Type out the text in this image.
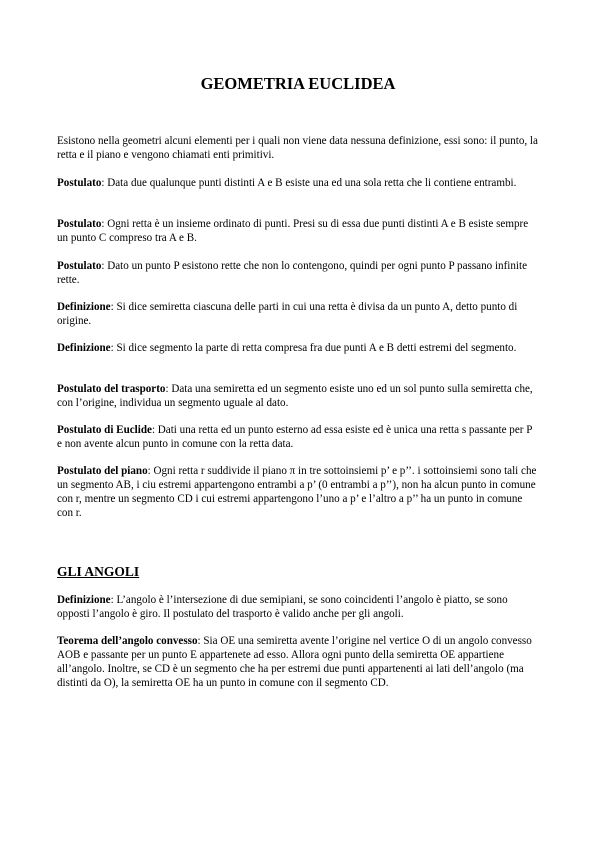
GEOMETRIA EUCLIDEA

Esistono nella geometri alcuni elementi per i quali non viene data nessuna definizione, essi sono: il punto, la retta e il piano e vengono chiamati enti primitivi.

Postulato: Data due qualunque punti distinti A e B esiste una ed una sola retta che li contiene entrambi.

Postulato: Ogni retta è un insieme ordinato di punti. Presi su di essa due punti distinti A e B esiste sempre un punto C compreso tra A e B.

Postulato: Dato un punto P esistono rette che non lo contengono, quindi per ogni punto P passano infinite rette.

Definizione: Si dice semiretta ciascuna delle parti in cui una retta è divisa da un punto A, detto punto di origine.

Definizione: Si dice segmento la parte di retta compresa fra due punti A e B detti estremi del segmento.

Postulato del trasporto: Data una semiretta ed un segmento esiste uno ed un sol punto sulla semiretta che, con l’origine, individua un segmento uguale al dato.

Postulato di Euclide: Dati una retta ed un punto esterno ad essa esiste ed è unica una retta s passante per P e non avente alcun punto in comune con la retta data.

Postulato del piano: Ogni retta r suddivide il piano π in tre sottoinsiemi p’ e p’’. i sottoinsiemi sono tali che un segmento AB, i ciu estremi appartengono entrambi a p’ (0 entrambi a p’’), non ha alcun punto in comune con r, mentre un segmento CD i cui estremi appartengono l’uno a p’ e l’altro a p’’ ha un punto in comune con r.

GLI ANGOLI

Definizione: L’angolo è l’intersezione di due semipiani, se sono coincidenti l’angolo è piatto, se sono opposti l’angolo è giro. Il postulato del trasporto è valido anche per gli angoli.

Teorema dell’angolo convesso: Sia OE una semiretta avente l’origine nel vertice O di un angolo convesso AOB e passante per un punto E appartenete ad esso. Allora ogni punto della semiretta OE appartiene all’angolo. Inoltre, se CD è un segmento che ha per estremi due punti appartenenti ai lati dell’angolo (ma distinti da O), la semiretta OE ha un punto in comune con il segmento CD.
